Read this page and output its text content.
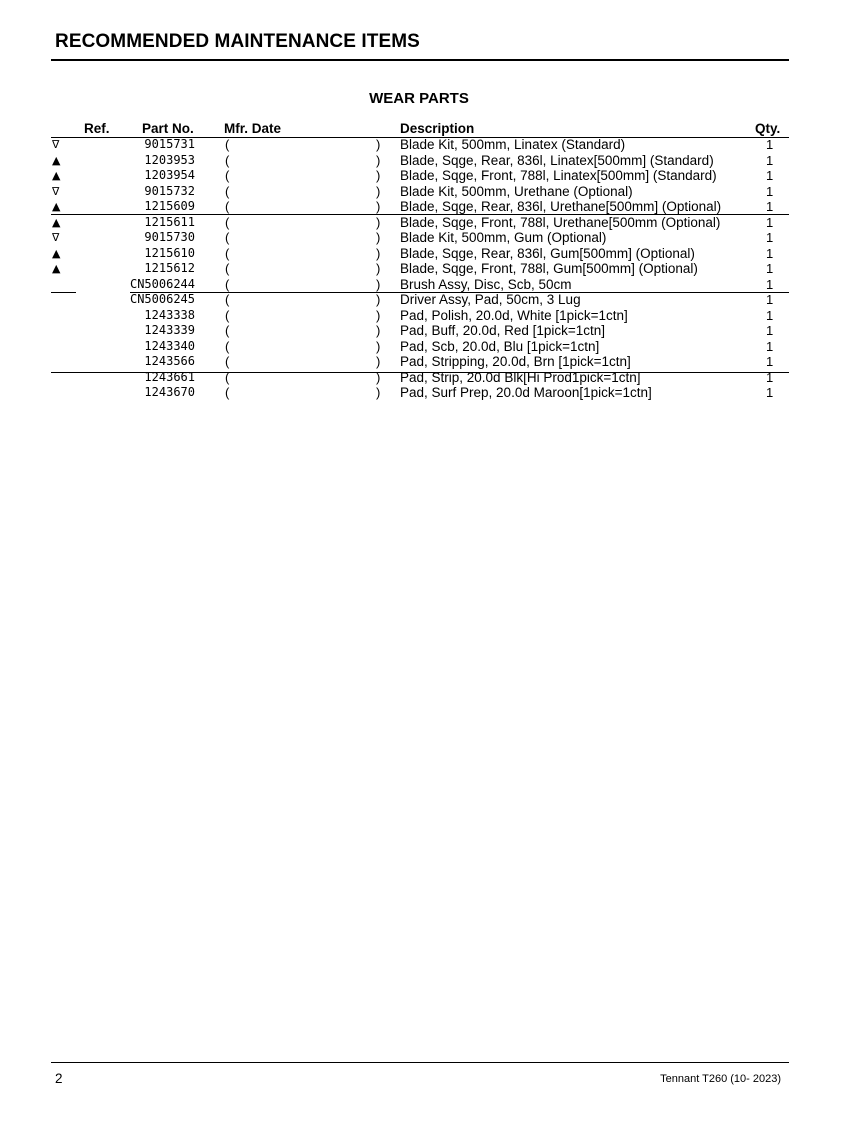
RECOMMENDED MAINTENANCE ITEMS
WEAR PARTS
Ref. Part No. Mfr. Date	Description	Qty.
∇	9015731 (	) Blade Kit, 500mm, Linatex (Standard)	1
▲	1203953 (	) Blade, Sqge, Rear, 836l, Linatex[500mm] (Standard)	1
▲	1203954 (	) Blade, Sqge, Front, 788l, Linatex[500mm] (Standard)	1
∇	9015732 (	) Blade Kit, 500mm, Urethane (Optional)	1
▲	1215609 (	) Blade, Sqge, Rear, 836l, Urethane[500mm] (Optional)	1
▲	1215611 (	) Blade, Sqge, Front, 788l, Urethane[500mm (Optional)	1
∇	9015730 (	) Blade Kit, 500mm, Gum (Optional)	1
▲	1215610 (	) Blade, Sqge, Rear, 836l, Gum[500mm] (Optional)	1
▲	1215612 (	) Blade, Sqge, Front, 788l, Gum[500mm] (Optional)	1
CN5006244 (	) Brush Assy, Disc, Scb, 50cm	1
CN5006245 (	) Driver Assy, Pad, 50cm, 3 Lug	1
1243338 (	) Pad, Polish, 20.0d, White [1pick=1ctn]	1
1243339 (	) Pad, Buff, 20.0d, Red [1pick=1ctn]	1
1243340 (	) Pad, Scb, 20.0d, Blu [1pick=1ctn]	1
1243566 (	) Pad, Stripping, 20.0d, Brn [1pick=1ctn]	1
1243661 (	) Pad, Strip, 20.0d Blk[Hi Prod1pick=1ctn]	1
1243670 (	) Pad, Surf Prep, 20.0d Maroon[1pick=1ctn]	1
2	Tennant T260 (10- 2023)
